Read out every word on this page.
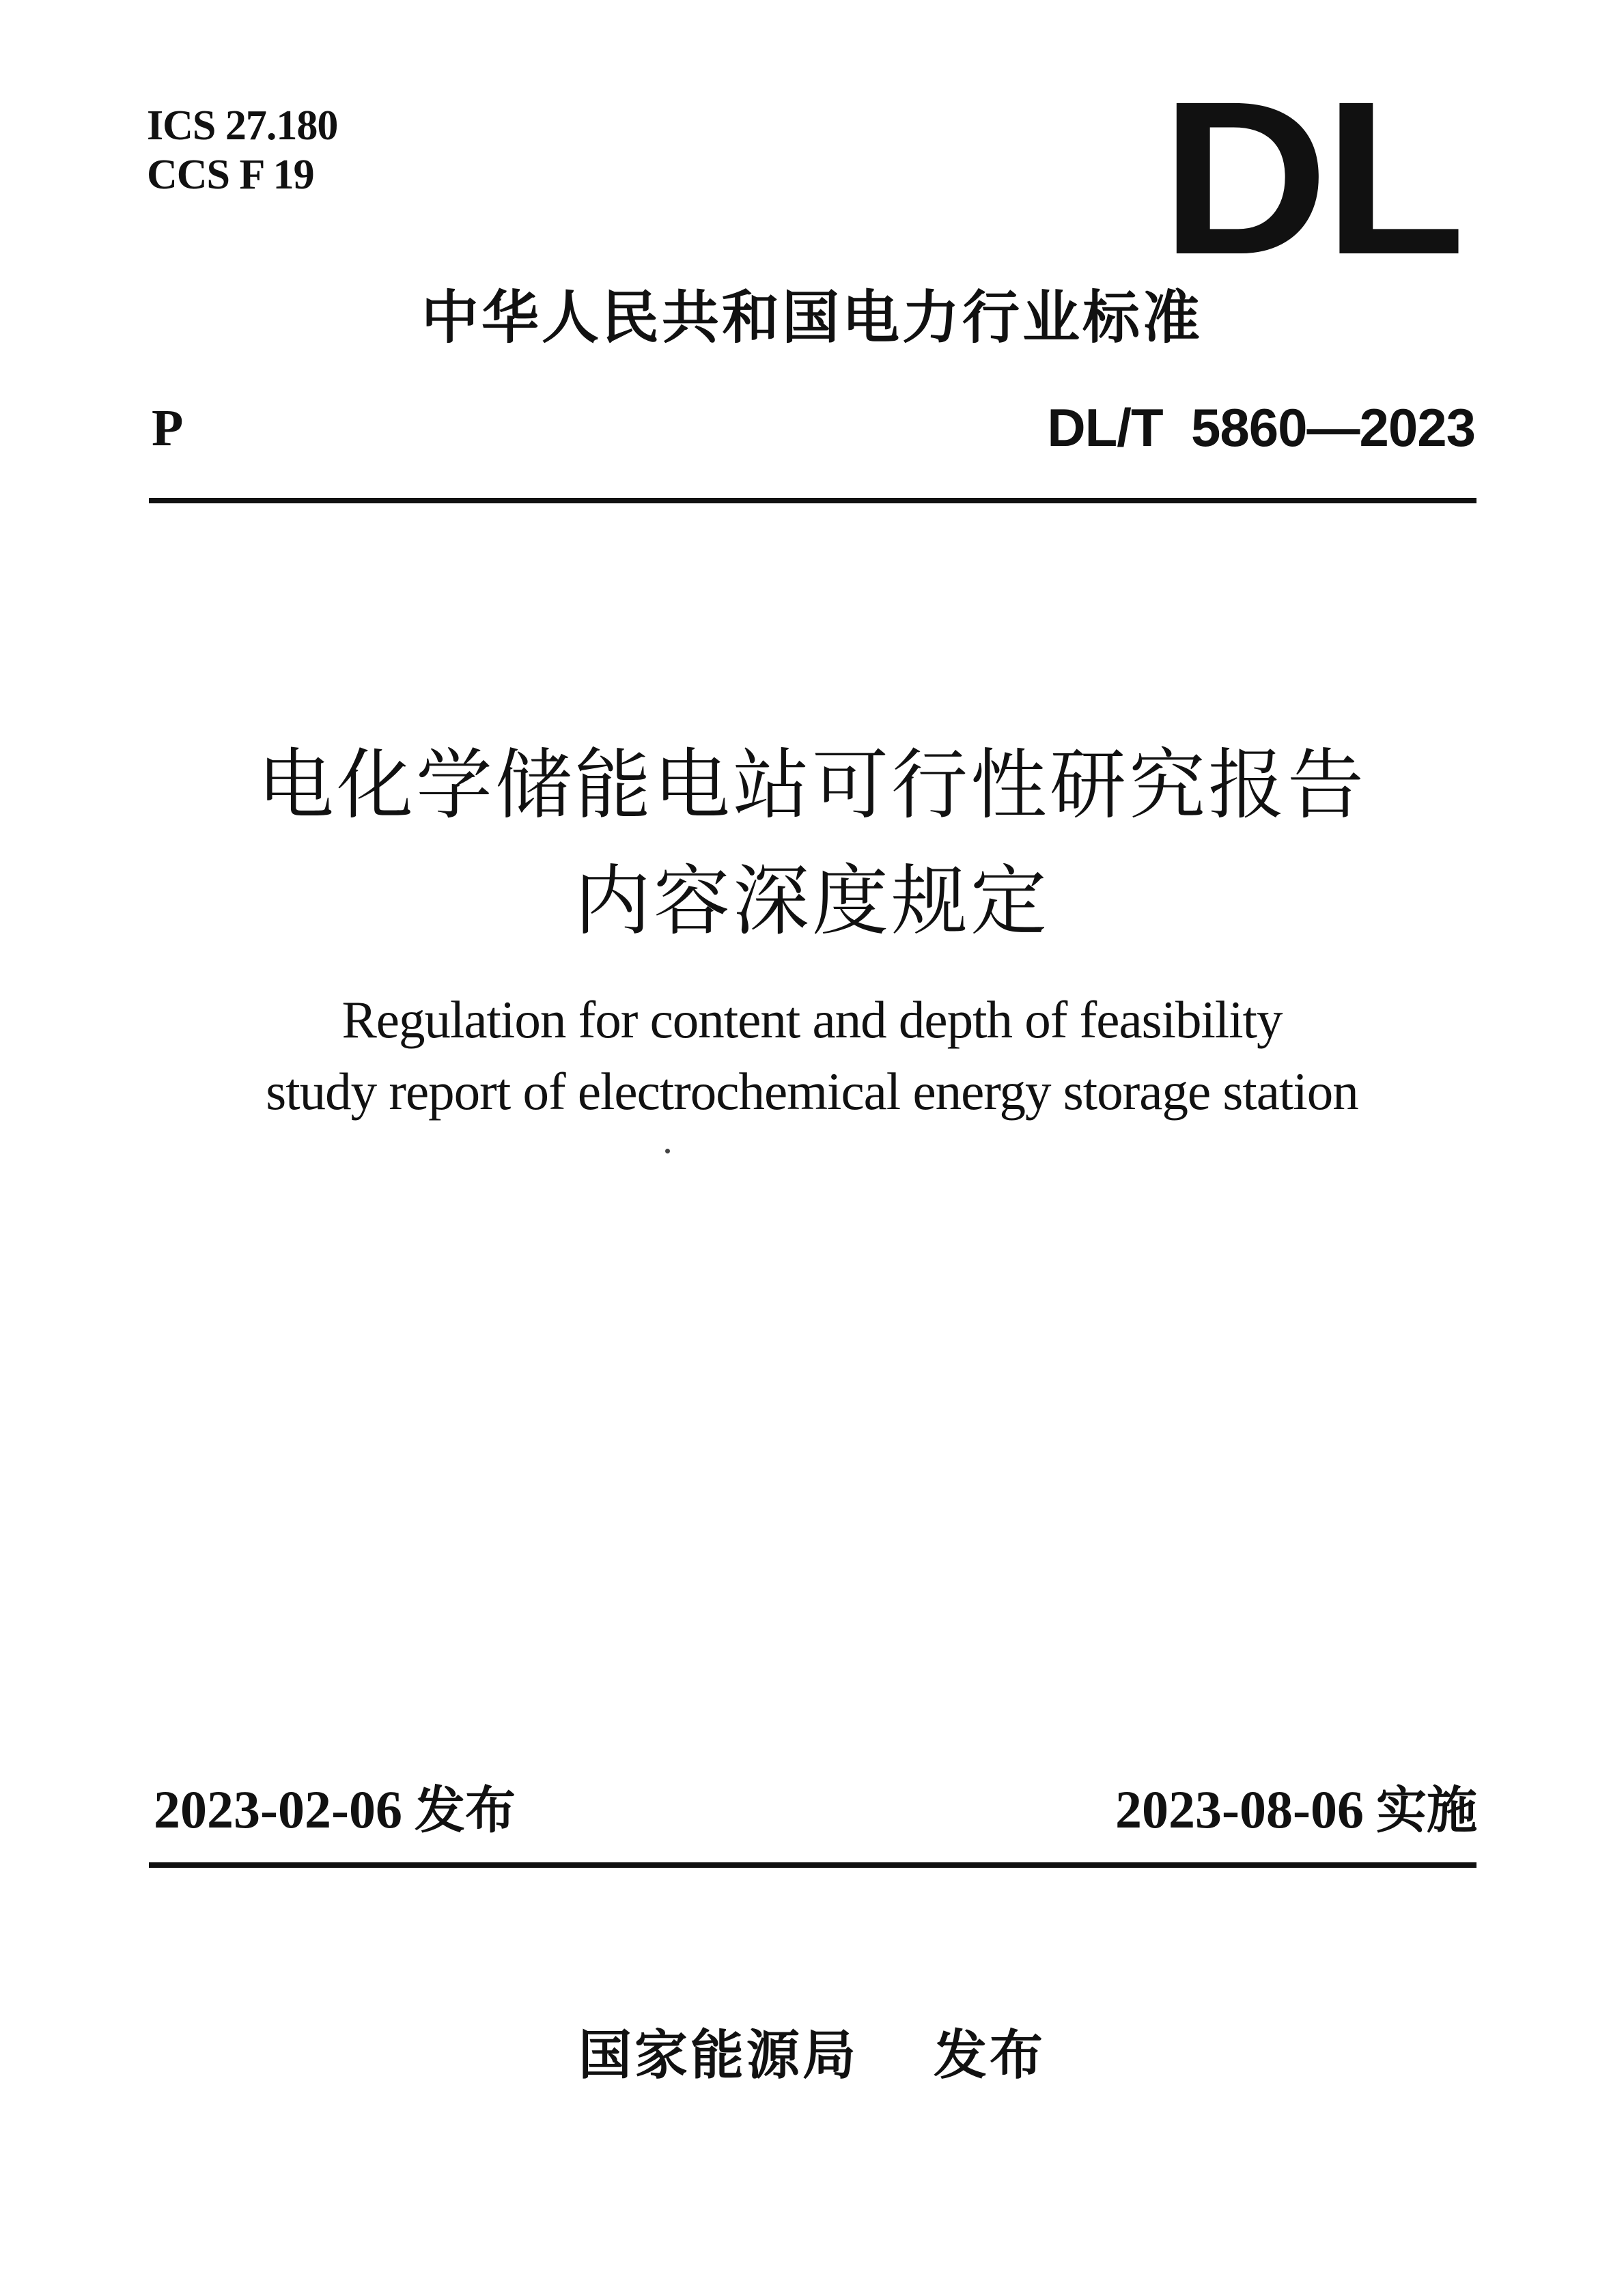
ICS 27.180
CCS F 19	DL
中华人民共和国电力行业标准
P	DL/T  5860—2023
电化学储能电站可行性研究报告
内容深度规定
Regulation for content and depth of feasibility
study report of electrochemical energy storage station
2023-02-06 发布	2023-08-06 实施
国家能源局 发布
